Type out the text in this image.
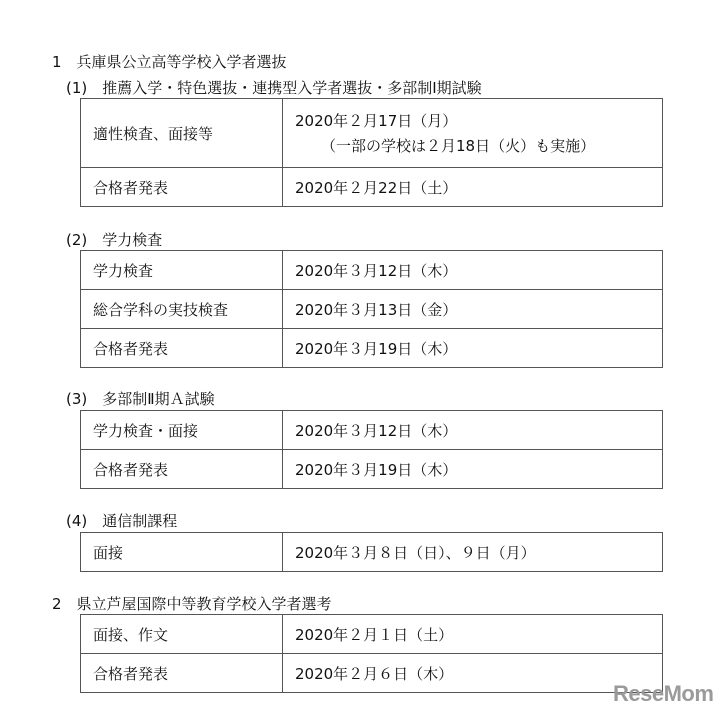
1　兵庫県公立高等学校入学者選抜
(1)　推薦入学・特色選抜・連携型入学者選抜・多部制Ⅰ期試験
適性検査、面接等	2020年２月17日（月）
（一部の学校は２月18日（火）も実施）

合格者発表	2020年２月22日（土）
(2)　学力検査
学力検査	2020年３月12日（木）
総合学科の実技検査	2020年３月13日（金）
合格者発表	2020年３月19日（木）
(3)　多部制Ⅱ期Ａ試験
学力検査・面接	2020年３月12日（木）
合格者発表	2020年３月19日（木）
(4)　通信制課程
面接	2020年３月８日（日）、９日（月）
2　県立芦屋国際中等教育学校入学者選考
面接、作文	2020年２月１日（土）
合格者発表	2020年２月６日（木）
ReseMom
